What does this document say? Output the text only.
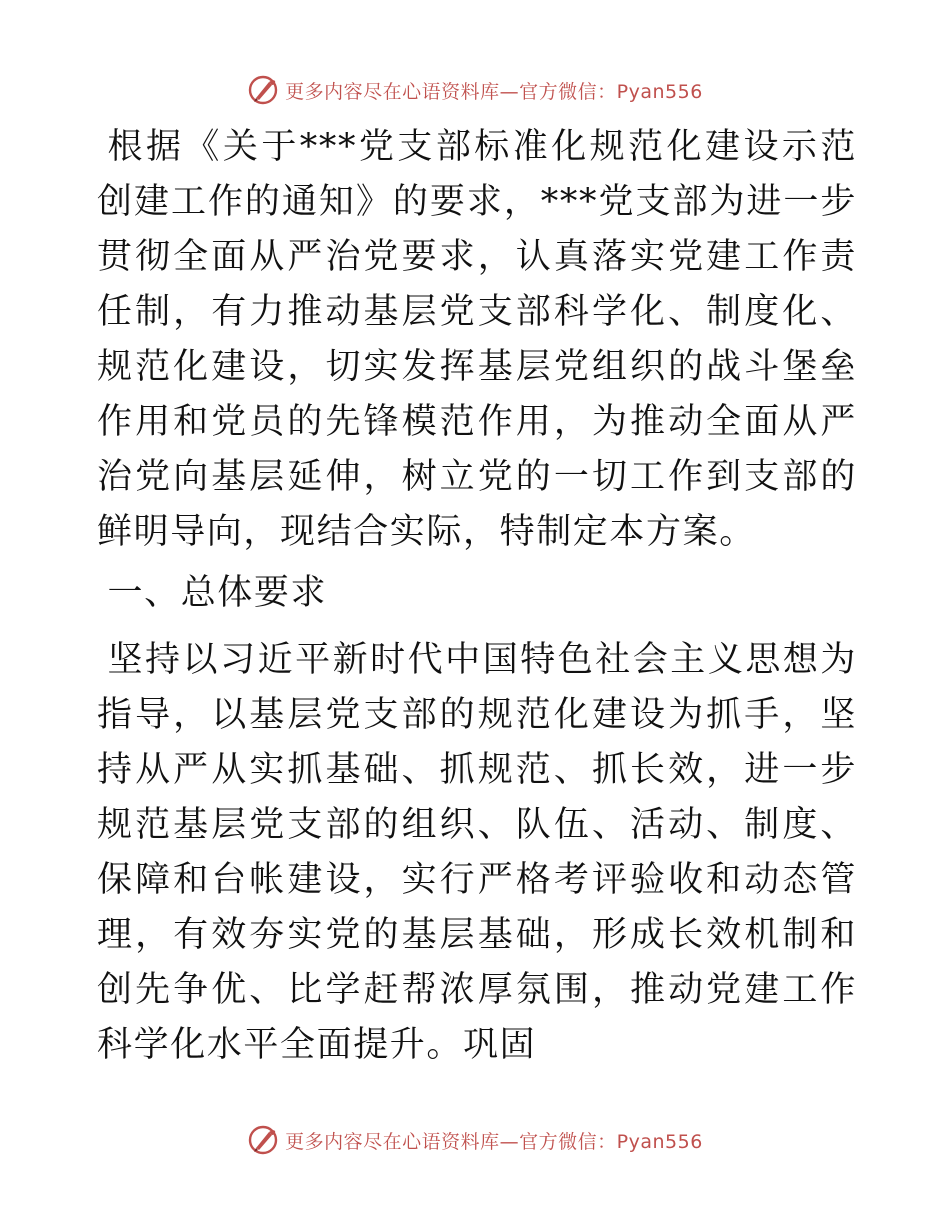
更多内容尽在心语资料库—官方微信：Pyan556

根据《关于***党支部标准化规范化建设示范创建工作的通知》的要求，***党支部为进一步贯彻全面从严治党要求，认真落实党建工作责任制，有力推动基层党支部科学化、制度化、规范化建设，切实发挥基层党组织的战斗堡垒作用和党员的先锋模范作用，为推动全面从严治党向基层延伸，树立党的一切工作到支部的鲜明导向，现结合实际，特制定本方案。

一、总体要求

坚持以习近平新时代中国特色社会主义思想为指导，以基层党支部的规范化建设为抓手，坚持从严从实抓基础、抓规范、抓长效，进一步规范基层党支部的组织、队伍、活动、制度、保障和台帐建设，实行严格考评验收和动态管理，有效夯实党的基层基础，形成长效机制和创先争优、比学赶帮浓厚氛围，推动党建工作科学化水平全面提升。巩固

更多内容尽在心语资料库—官方微信：Pyan556
